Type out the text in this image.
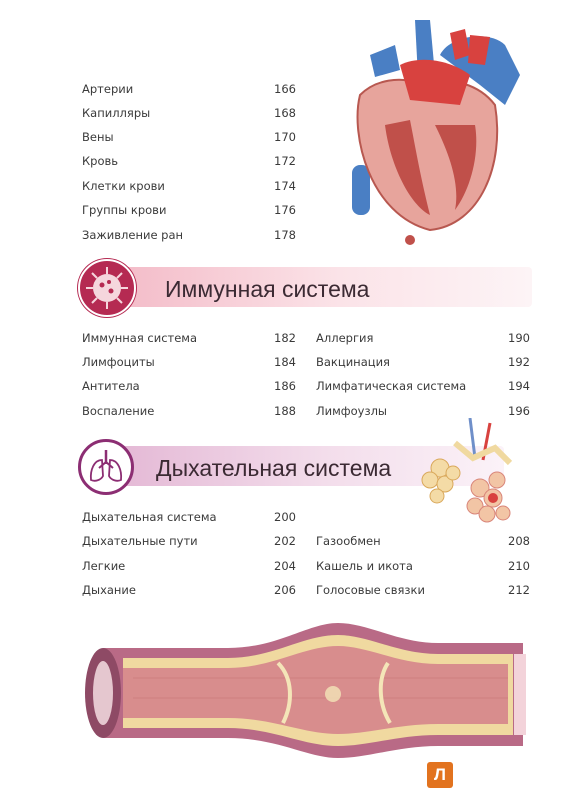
Артерии	166
Капилляры	168
Вены	170
Кровь	172
Клетки крови	174
Группы крови	176
Заживление ран	178
Иммунная система
Иммунная система	182
Лимфоциты	184
Антитела	186
Воспаление	188
Аллергия	190
Вакцинация	192
Лимфатическая система	194
Лимфоузлы	196
Дыхательная система
Дыхательная система	200
Дыхательные пути	202
Легкие	204
Дыхание	206
Газообмен	208
Кашель и икота	210
Голосовые связки	212
Л
